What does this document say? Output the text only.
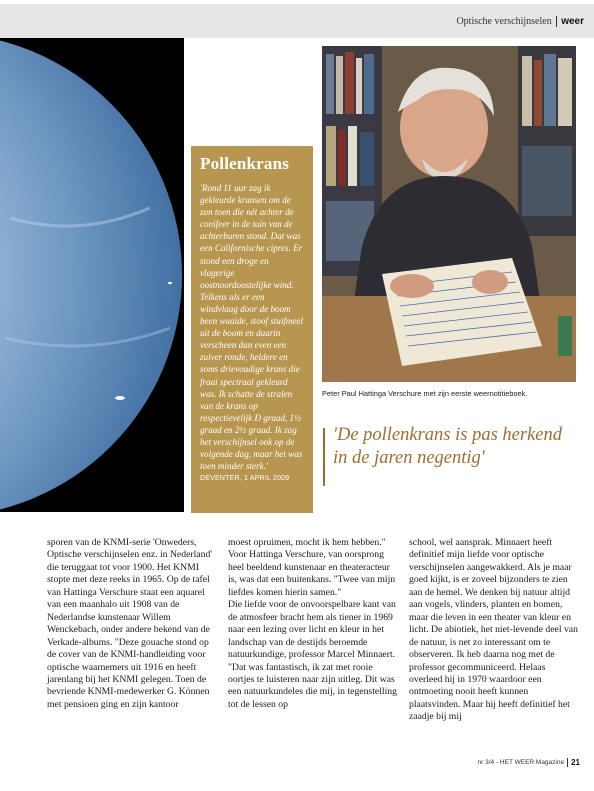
Optische verschijnselen weer
Pollenkrans

'Rond 11 uur zag ik gekleurde kransen om de zon toen die nét achter de conifeer in de tuin van de achterburen stond. Dat was een Californische cipres. Er stond een droge en vlagerige oostnoordoostelijke wind. Telkens als er een windvlaag door de boom been waaide, stoof stuifmeel uit de boom en daarin verscheen dan even een zuiver ronde, heldere en soms drievoudige krans die fraai spectraal gekleurd was. Ik schatte de stralen van de krans op respectievelijk Ð graad, 1½ graad en 2½ graad. Ik zag het verschijnsel ook op de volgende dag, maar het was toen minder sterk.'

DEVENTER, 1 APRIL 2009
Peter Paul Hattinga Verschure met zijn eerste weernotitieboek.
'De pollenkrans is pas herkend in de jaren negentig'

sporen van de KNMI-serie 'Onweders, Optische verschijnselen enz. in Nederland' die teruggaat tot voor 1900. Het KNMI stopte met deze reeks in 1965. Op de tafel van Hattinga Verschure staat een aquarel van een maanhalo uit 1908 van de Nederlandse kunstenaar Willem Wenckebach, onder andere bekend van de Verkade-albums. "Deze gouache stond op de cover van de KNMI-handleiding voor optische waarnemers uit 1916 en heeft jarenlang bij het KNMI gelegen. Toen de bevriende KNMI-medewerker G. Können met pensioen ging en zijn kantoor

moest opruimen, mocht ik hem hebben." Voor Hattinga Verschure, van oorsprong heel beeldend kunstenaar en theateracteur is, was dat een buitenkans. "Twee van mijn liefdes komen hierin samen."

Die liefde voor de onvoorspelbare kant van de atmosfeer bracht hem als tiener in 1969 naar een lezing over licht en kleur in het landschap van de destijds beroemde natuurkundige, professor Marcel Minnaert. "Dat was fantastisch, ik zat met rooie oortjes te luisteren naar zijn uitleg. Dit was een natuurkundeles die mij, in tegenstelling tot de lessen op

school, wel aansprak. Minnaert heeft definitief mijn liefde voor optische verschijnselen aangewakkerd. Als je maar goed kijkt, is er zoveel bijzonders te zien aan de hemel. We denken bij natuur altijd aan vogels, vlinders, planten en bomen, maar die leven in een theater van kleur en licht. De abiotiek, het niet-levende deel van de natuur, is net zo interessant om te observeren. Ik heb daarna nog met de professor gecommuniceerd. Helaas overleed hij in 1970 waardoor een ontmoeting nooit heeft kunnen plaatsvinden. Maar hij heeft definitief het zaadje bij mij

nr 3/4 - HET WEER Magazine 21
